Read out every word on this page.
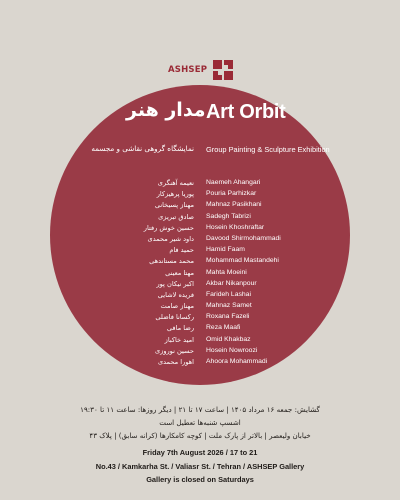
ASHSEP
مدار هنر Art Orbit
نمایشگاه گروهی نقاشی و مجسمه Group Painting & Sculpture Exhibition
نعیمه آهنگری Naemeh Ahangari
پوریا پرهیزکار Pouria Parhizkar
مهناز پسیخانی Mahnaz Pasikhani
صادق تبریزی Sadegh Tabrizi
حسین خوش رفتار Hosein Khoshraftar
داود شیر محمدی Davood Shirmohammadi
حمید فام Hamid Faam
محمد مستاندهی Mohammad Mastandehi
مهتا معینی Mahta Moeini
اکبر نیکان پور Akbar Nikanpour
فریده لاشایی Farideh Lashai
مهناز صامت Mahnaz Samet
رکسانا فاضلی Roxana Fazeli
رضا مافی Reza Maafi
امید خاکباز Omid Khakbaz
حسین نوروزی Hosein Nowroozi
اهورا محمدی Ahoora Mohammadi
گشایش: جمعه ۱۶ مرداد ۱۴۰۵ | ساعت ۱۷ تا ۲۱ | دیگر روزها: ساعت ۱۱ تا ۱۹:۳۰
اشسپ شنبه‌ها تعطیل است
خیابان ولیعصر | بالاتر از پارک ملت | کوچه کامکارها (کرانه سابق) | پلاک ۴۳
Friday 7th August 2026 / 17 to 21
No.43 / Kamkarha St. / Valiasr St. / Tehran / ASHSEP Gallery
Gallery is closed on Saturdays
